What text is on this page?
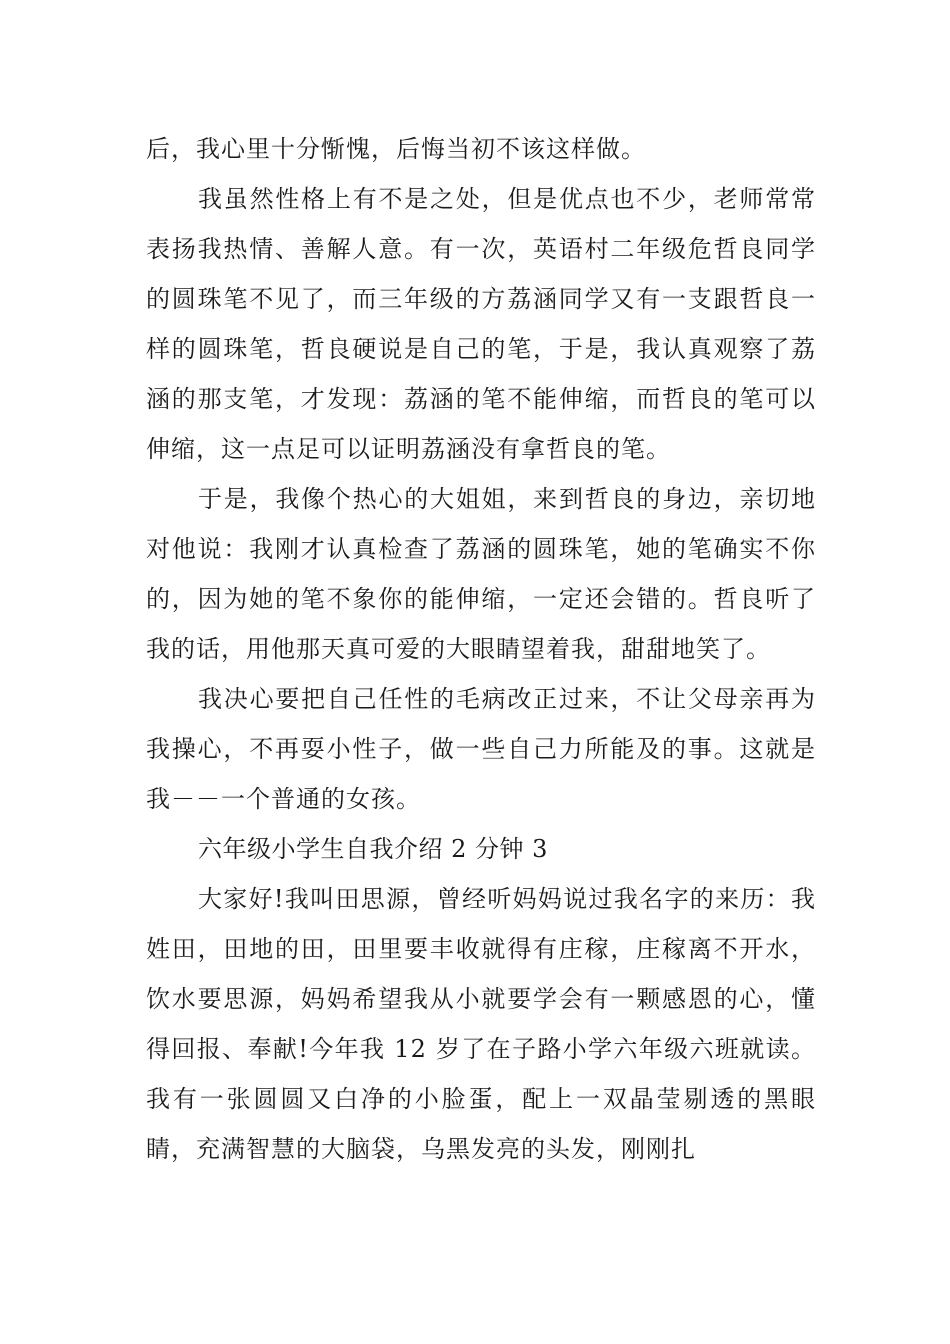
后，我心里十分惭愧，后悔当初不该这样做。

我虽然性格上有不是之处，但是优点也不少，老师常常表扬我热情、善解人意。有一次，英语村二年级危哲良同学的圆珠笔不见了，而三年级的方荔涵同学又有一支跟哲良一样的圆珠笔，哲良硬说是自己的笔，于是，我认真观察了荔涵的那支笔，才发现：荔涵的笔不能伸缩，而哲良的笔可以伸缩，这一点足可以证明荔涵没有拿哲良的笔。

于是，我像个热心的大姐姐，来到哲良的身边，亲切地对他说：我刚才认真检查了荔涵的圆珠笔，她的笔确实不你的，因为她的笔不象你的能伸缩，一定还会错的。哲良听了我的话，用他那天真可爱的大眼睛望着我，甜甜地笑了。

我决心要把自己任性的毛病改正过来，不让父母亲再为我操心，不再耍小性子，做一些自己力所能及的事。这就是我－－一个普通的女孩。

六年级小学生自我介绍 2 分钟 3

大家好!我叫田思源，曾经听妈妈说过我名字的来历：我姓田，田地的田，田里要丰收就得有庄稼，庄稼离不开水，饮水要思源，妈妈希望我从小就要学会有一颗感恩的心，懂得回报、奉献!今年我 12 岁了在子路小学六年级六班就读。我有一张圆圆又白净的小脸蛋，配上一双晶莹剔透的黑眼睛，充满智慧的大脑袋，乌黑发亮的头发，刚刚扎
